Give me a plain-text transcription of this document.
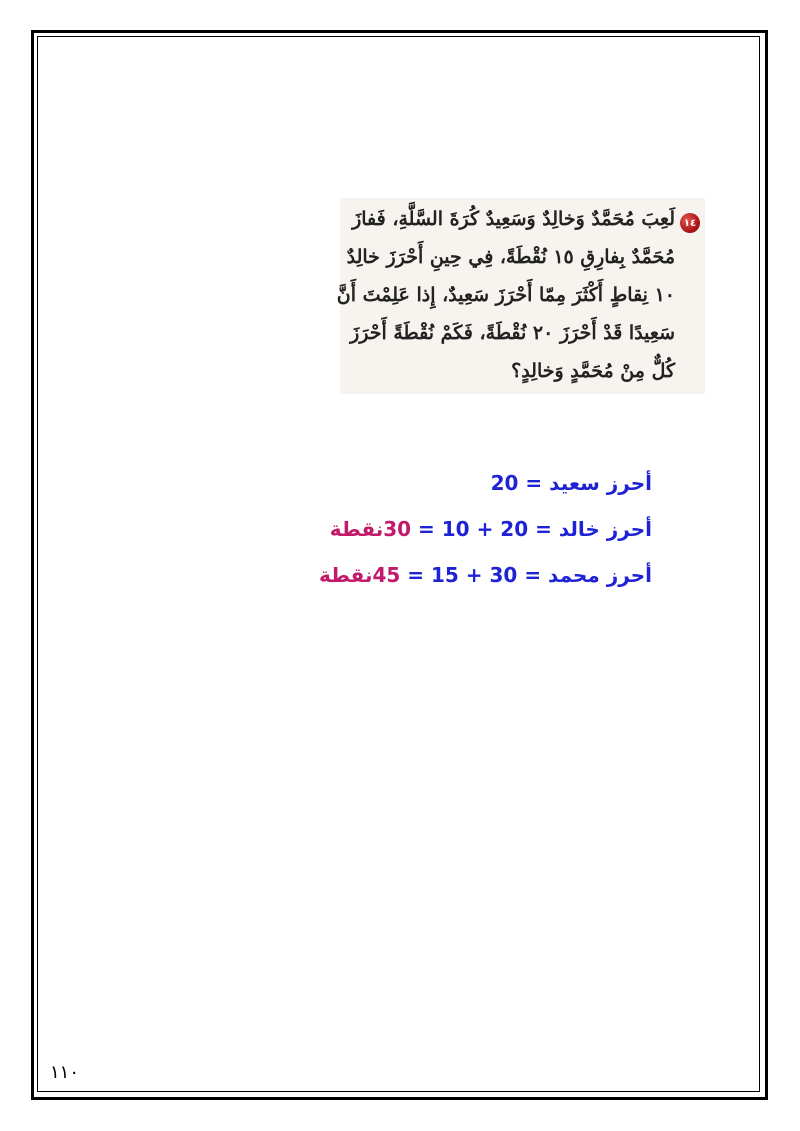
١٤
لَعِبَ مُحَمَّدٌ وَخالِدٌ وَسَعِيدٌ كُرَةَ السَّلَّةِ، فَفازَ
مُحَمَّدٌ بِفارِقِ ١٥ نُقْطَةً، فِي حِينِ أَحْرَزَ خالِدٌ
١٠ نِقاطٍ أَكْثَرَ مِمّا أَحْرَزَ سَعِيدٌ، إِذا عَلِمْتَ أَنَّ
سَعِيدًا قَدْ أَحْرَزَ ٢٠ نُقْطَةً، فَكَمْ نُقْطَةً أَحْرَزَ
كُلٌّ مِنْ مُحَمَّدٍ وَخالِدٍ؟
أحرز سعيد = 20
أحرز خالد = 20 + 10 = 30نقطة
أحرز محمد = 30 + 15 = 45نقطة
١١٠
